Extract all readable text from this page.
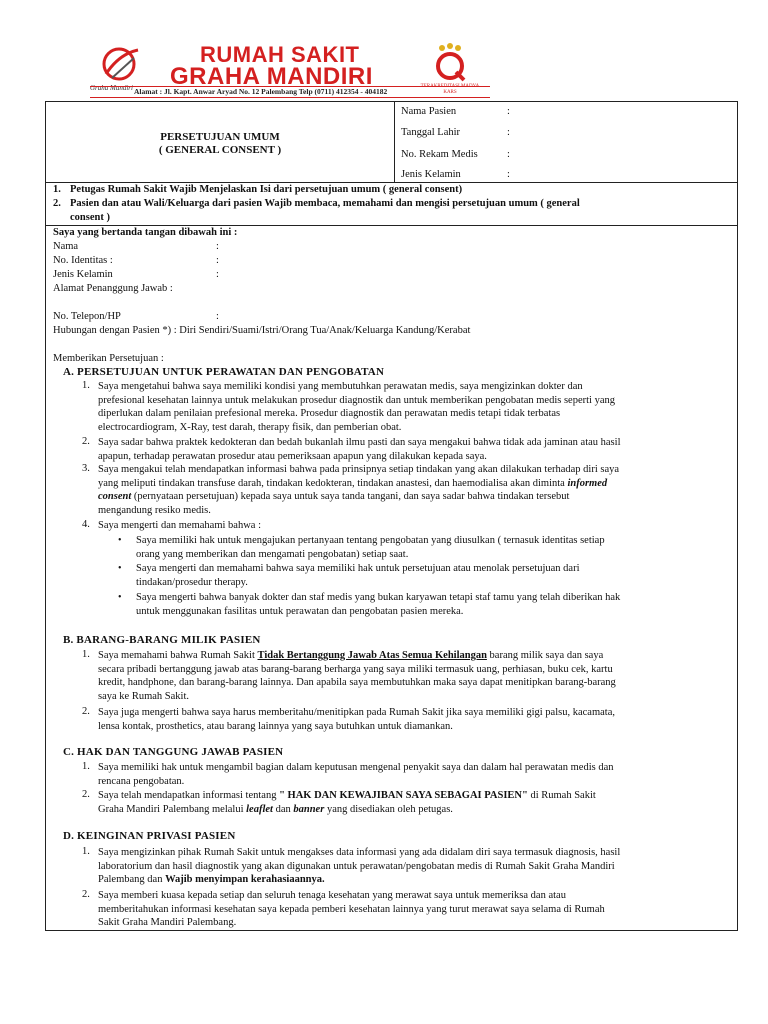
Graha Mandiri
RUMAH SAKIT
GRAHA MANDIRI	TERAKREDITASI MADYA KARS
Alamat : Jl. Kapt. Anwar Aryad No. 12 Palembang Telp (0711) 412354 - 404182
PERSETUJUAN UMUM
( GENERAL CONSENT )
Nama Pasien	:
Tanggal Lahir	:
No. Rekam Medis	:
Jenis Kelamin	:
1. Petugas Rumah Sakit Wajib Menjelaskan Isi dari persetujuan umum ( general consent)
2. Pasien dan atau Wali/Keluarga dari pasien Wajib membaca, memahami dan mengisi persetujuan umum ( general
consent )
Saya yang bertanda tangan dibawah ini :
Nama	:
No. Identitas :	:
Jenis Kelamin	:
Alamat Penanggung Jawab :
No. Telepon/HP	:
Hubungan dengan Pasien *) : Diri Sendiri/Suami/Istri/Orang Tua/Anak/Keluarga Kandung/Kerabat
Memberikan Persetujuan :
A. PERSETUJUAN UNTUK PERAWATAN DAN PENGOBATAN
1. Saya mengetahui bahwa saya memiliki kondisi yang membutuhkan perawatan medis, saya mengizinkan dokter dan
prefesional kesehatan lainnya untuk melakukan prosedur diagnostik dan untuk memberikan pengobatan medis seperti yang
diperlukan dalam penilaian prefesional mereka. Prosedur diagnostik dan perawatan medis tetapi tidak terbatas
electrocardiogram, X-Ray, test darah, therapy fisik, dan pemberian obat.
2. Saya sadar bahwa praktek kedokteran dan bedah bukanlah ilmu pasti dan saya mengakui bahwa tidak ada jaminan atau hasil
apapun, terhadap perawatan prosedur atau pemeriksaan apapun yang dilakukan kepada saya.
3. Saya mengakui telah mendapatkan informasi bahwa pada prinsipnya setiap tindakan yang akan dilakukan terhadap diri saya
yang meliputi tindakan transfuse darah, tindakan kedokteran, tindakan anastesi, dan haemodialisa akan diminta informed
consent (pernyataan persetujuan) kepada saya untuk saya tanda tangani, dan saya sadar bahwa tindakan tersebut
mengandung resiko medis.
4. Saya mengerti dan memahami bahwa :
• Saya memiliki hak untuk mengajukan pertanyaan tentang pengobatan yang diusulkan ( ternasuk identitas setiap
orang yang memberikan dan mengamati pengobatan) setiap saat.
• Saya mengerti dan memahami bahwa saya memiliki hak untuk persetujuan atau menolak persetujuan dari
tindakan/prosedur therapy.
• Saya mengerti bahwa banyak dokter dan staf medis yang bukan karyawan tetapi staf tamu yang telah diberikan hak
untuk menggunakan fasilitas untuk perawatan dan pengobatan pasien mereka.
B. BARANG-BARANG MILIK PASIEN
1. Saya memahami bahwa Rumah Sakit Tidak Bertanggung Jawab Atas Semua Kehilangan barang milik saya dan saya
secara pribadi bertanggung jawab atas barang-barang berharga yang saya miliki termasuk uang, perhiasan, buku cek, kartu
kredit, handphone, dan barang-barang lainnya. Dan apabila saya membutuhkan maka saya dapat menitipkan barang-barang
saya ke Rumah Sakit.
2. Saya juga mengerti bahwa saya harus memberitahu/menitipkan pada Rumah Sakit jika saya memiliki gigi palsu, kacamata,
lensa kontak, prosthetics, atau barang lainnya yang saya butuhkan untuk diamankan.
C. HAK DAN TANGGUNG JAWAB PASIEN
1. Saya memiliki hak untuk mengambil bagian dalam keputusan mengenal penyakit saya dan dalam hal perawatan medis dan
rencana pengobatan.
2. Saya telah mendapatkan informasi tentang " HAK DAN KEWAJIBAN SAYA SEBAGAI PASIEN" di Rumah Sakit
Graha Mandiri Palembang melalui leaflet dan banner yang disediakan oleh petugas.
D. KEINGINAN PRIVASI PASIEN
1. Saya mengizinkan pihak Rumah Sakit untuk mengakses data informasi yang ada didalam diri saya termasuk diagnosis, hasil
laboratorium dan hasil diagnostik yang akan digunakan untuk perawatan/pengobatan medis di Rumah Sakit Graha Mandiri
Palembang dan Wajib menyimpan kerahasiaannya.
2. Saya memberi kuasa kepada setiap dan seluruh tenaga kesehatan yang merawat saya untuk memeriksa dan atau
memberitahukan informasi kesehatan saya kepada pemberi kesehatan lainnya yang turut merawat saya selama di Rumah
Sakit Graha Mandiri Palembang.
